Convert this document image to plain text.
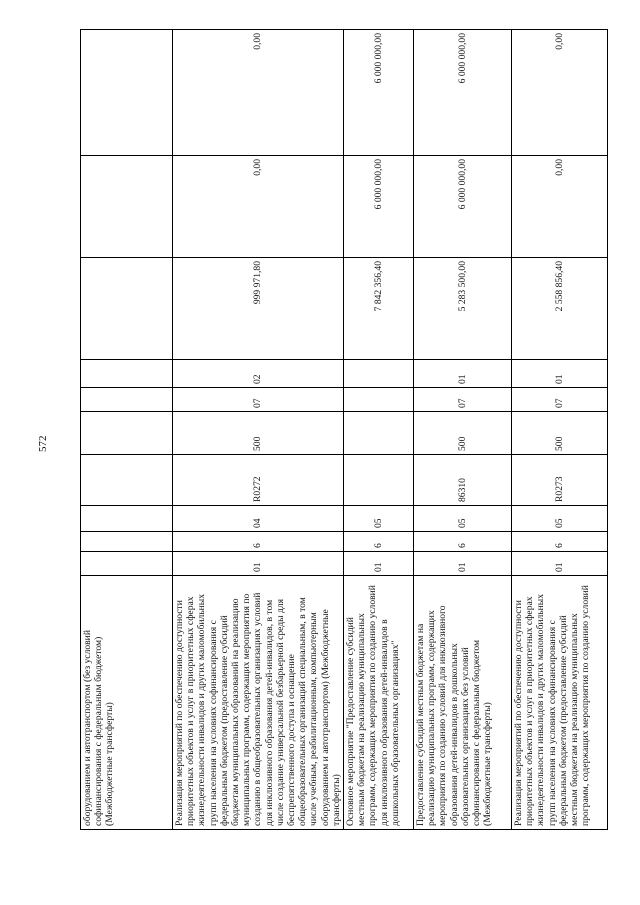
572
оборудованием и автотранспортом (без условий софинансирования с федеральным бюджетом) (Межбюджетные трансферты)										
Реализация мероприятий по обеспечению доступности приоритетных объектов и услуг в приоритетных сферах жизнедеятельности инвалидов и других маломобильных групп населения на условиях софинансирования с федеральным бюджетом (предоставление субсидий бюджетам муниципальных образований на реализацию муниципальных программ, содержащих мероприятия по созданию в общеобразовательных организациях условий для инклюзивного образования детей-инвалидов, в том числе создание универсальной безбарьерной среды для беспрепятственного доступа и оснащение общеобразовательных организаций специальным, в том числе учебным, реабилитационным, компьютерным оборудованием и автотранспортом) (Межбюджетные трансферты)	01	6	04	R0272	500	07	02	999 971,80	0,00	0,00
Основное мероприятие "Предоставление субсидий местным бюджетам на реализацию муниципальных программ, содержащих мероприятия по созданию условий для инклюзивного образования детей-инвалидов в дошкольных образовательных организациях"	01	6	05					7 842 356,40	6 000 000,00	6 000 000,00
Предоставление субсидий местным бюджетам на реализацию муниципальных программ, содержащих мероприятия по созданию условий для инклюзивного образования детей-инвалидов в дошкольных образовательных организациях без условий софинансирования с федеральным бюджетом (Межбюджетные трансферты)	01	6	05	86310	500	07	01	5 283 500,00	6 000 000,00	6 000 000,00
Реализация мероприятий по обеспечению доступности приоритетных объектов и услуг в приоритетных сферах жизнедеятельности инвалидов и других маломобильных групп населения на условиях софинансирования с федеральным бюджетом (предоставление субсидий местным бюджетам на реализацию муниципальных программ, содержащих мероприятия по созданию условий	01	6	05	R0273	500	07	01	2 558 856,40	0,00	0,00
